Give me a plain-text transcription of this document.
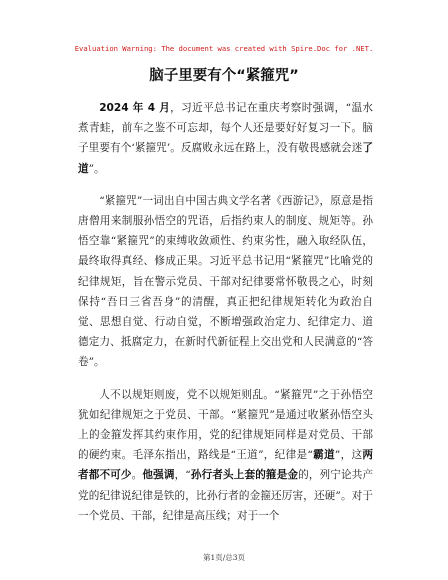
Evaluation Warning: The document was created with Spire.Doc for .NET.
脑子里要有个“紧箍咒”

2024 年 4 月，习近平总书记在重庆考察时强调，“温水煮青蛙，前车之鉴不可忘却，每个人还是要好好复习一下。脑子里要有个‘紧箍咒’。反腐败永远在路上，没有敬畏感就会迷了道”。

“紧箍咒”一词出自中国古典文学名著《西游记》，原意是指唐僧用来制服孙悟空的咒语，后指约束人的制度、规矩等。孙悟空靠“紧箍咒”的束缚收敛顽性、约束劣性，融入取经队伍，最终取得真经、修成正果。习近平总书记用“紧箍咒”比喻党的纪律规矩，旨在警示党员、干部对纪律要常怀敬畏之心，时刻保持“吾日三省吾身”的清醒，真正把纪律规矩转化为政治自觉、思想自觉、行动自觉，不断增强政治定力、纪律定力、道德定力、抵腐定力，在新时代新征程上交出党和人民满意的“答卷”。

人不以规矩则废，党不以规矩则乱。“紧箍咒”之于孙悟空犹如纪律规矩之于党员、干部。“紧箍咒”是通过收紧孙悟空头上的金箍发挥其约束作用，党的纪律规矩同样是对党员、干部的硬约束。毛泽东指出，路线是“王道”，纪律是“霸道”，这两者都不可少。他强调，“孙行者头上套的箍是金的，列宁论共产党的纪律说纪律是铁的，比孙行者的金箍还厉害，还硬”。对于一个党员、干部，纪律是高压线；对于一个

第1页/总3页
